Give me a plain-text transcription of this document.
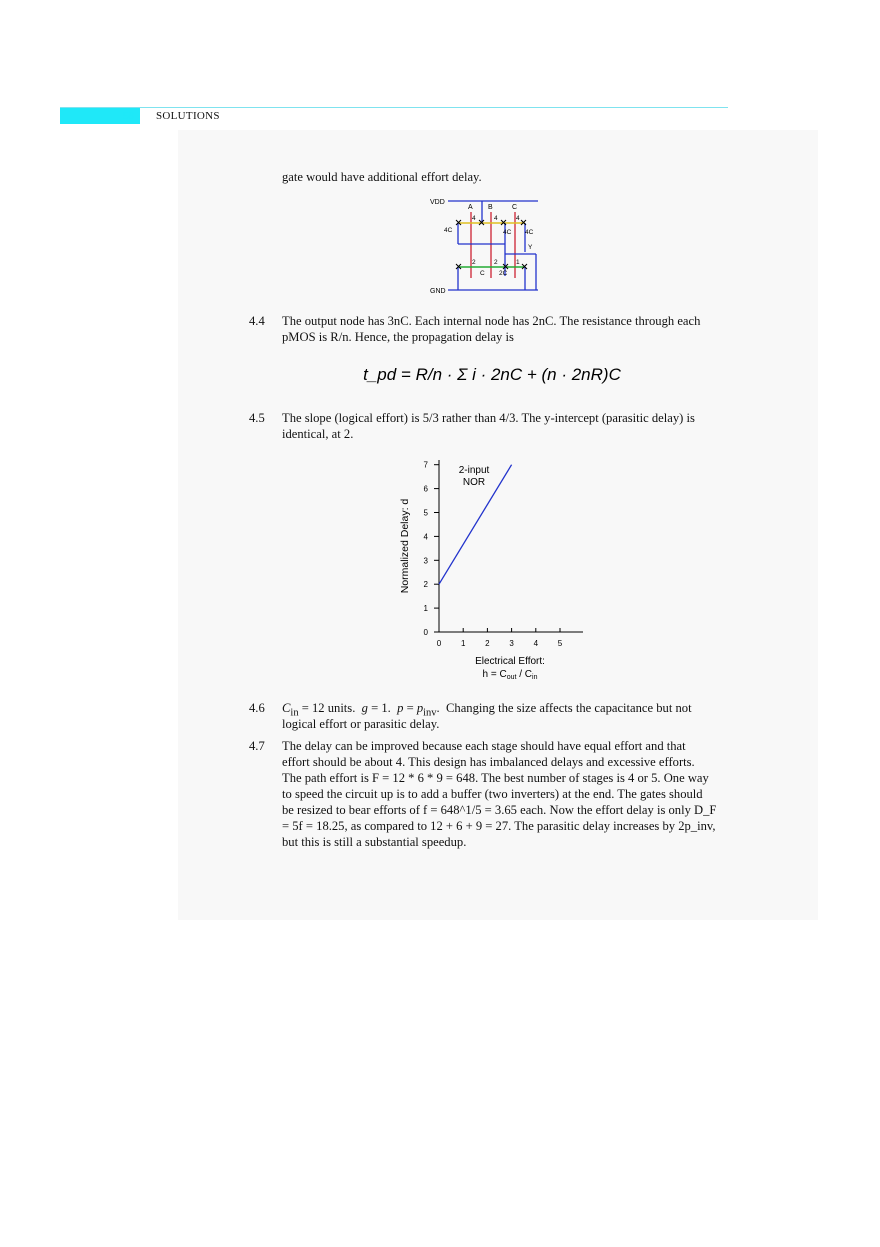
58	SOLUTIONS
gate would have additional effort delay.
VDD
GND
A B	C
4C	4C 4C
4	4	4
Y
2	2	1
C 2C
4.4 The output node has 3nC. Each internal node has 2nC. The resistance through each
pMOS is R/n. Hence, the propagation delay is
t_pd = R/n · Σ i · 2nC + (n · 2nR)C
4.5 The slope (logical effort) is 5/3 rather than 4/3. The y-intercept (parasitic delay) is
identical, at 2.
0 1 2 3 4 5
0
1
2
3
4
5
6
7	2-input
NOR
Electrical Effort:
$h = C_{out} / C_{in}$
Normalized Delay: d
4.6 $C_{in} = 12$ units.  g = 1.  $p = p_{inv}$.  Changing the size affects the capacitance but not
logical effort or parasitic delay.
4.7 The delay can be improved because each stage should have equal effort and that
effort should be about 4. This design has imbalanced delays and excessive efforts.
The path effort is F = 12 * 6 * 9 = 648. The best number of stages is 4 or 5. One way
to speed the circuit up is to add a buffer (two inverters) at the end. The gates should
be resized to bear efforts of f = 648^1/5 = 3.65 each. Now the effort delay is only D_F
= 5f = 18.25, as compared to 12 + 6 + 9 = 27. The parasitic delay increases by 2p_inv,
but this is still a substantial speedup.
